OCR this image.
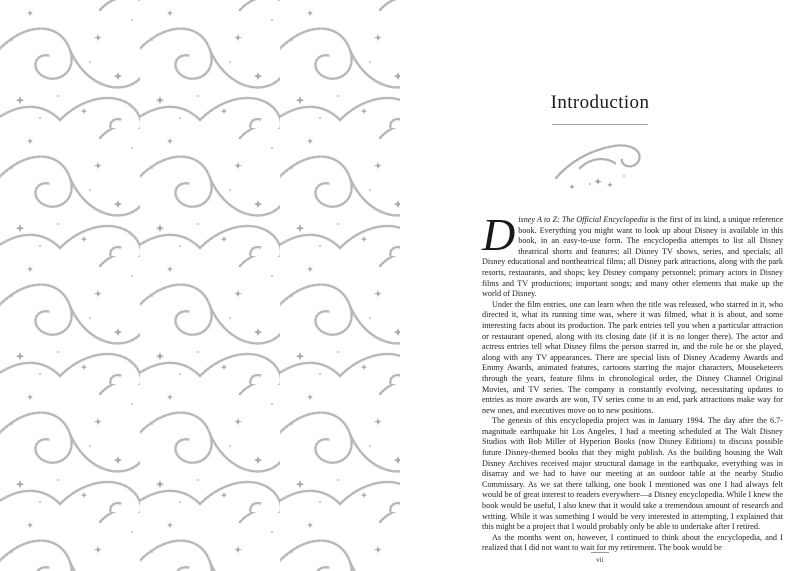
Introduction

Disney A to Z: The Official Encyclopedia is the first of its kind, a unique reference book. Everything you might want to look up about Disney is available in this book, in an easy-to-use form. The encyclopedia attempts to list all Disney theatrical shorts and features; all Disney TV shows, series, and specials; all Disney educational and nontheatrical films; all Disney park attractions, along with the park resorts, restaurants, and shops; key Disney company personnel; primary actors in Disney films and TV productions; important songs; and many other elements that make up the world of Disney.

Under the film entries, one can learn when the title was released, who starred in it, who directed it, what its running time was, where it was filmed, what it is about, and some interesting facts about its production. The park entries tell you when a particular attraction or restaurant opened, along with its closing date (if it is no longer there). The actor and actress entries tell what Disney films the person starred in, and the role he or she played, along with any TV appearances. There are special lists of Disney Academy Awards and Emmy Awards, animated features, cartoons starring the major characters, Mouseketeers through the years, feature films in chronological order, the Disney Channel Original Movies, and TV series. The company is constantly evolving, necessitating updates to entries as more awards are won, TV series come to an end, park attractions make way for new ones, and executives move on to new positions.

The genesis of this encyclopedia project was in January 1994. The day after the 6.7-magnitude earthquake hit Los Angeles, I had a meeting scheduled at The Walt Disney Studios with Bob Miller of Hyperion Books (now Disney Editions) to discuss possible future Disney-themed books that they might publish. As the building housing the Walt Disney Archives received major structural damage in the earthquake, everything was in disarray and we had to have our meeting at an outdoor table at the nearby Studio Commissary. As we sat there talking, one book I mentioned was one I had always felt would be of great interest to readers everywhere—a Disney encyclopedia. While I knew the book would be useful, I also knew that it would take a tremendous amount of research and writing. While it was something I would be very interested in attempting, I explained that this might be a project that I would probably only be able to undertake after I retired.

As the months went on, however, I continued to think about the encyclopedia, and I realized that I did not want to wait for my retirement. The book would be

vii
